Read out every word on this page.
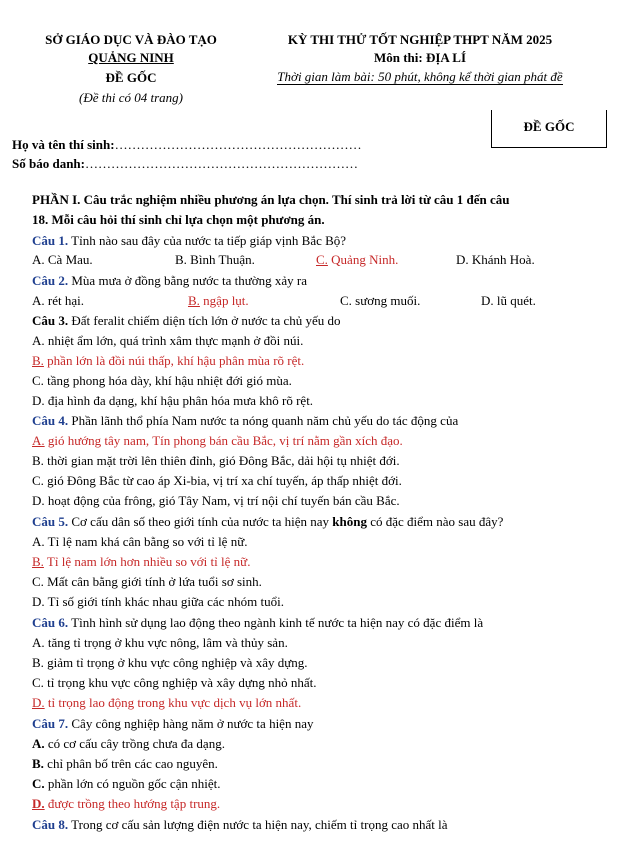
SỞ GIÁO DỤC VÀ ĐÀO TẠO
QUẢNG NINH
ĐỀ GỐC
(Đề thi có 04 trang)
KỲ THI THỬ TỐT NGHIỆP THPT NĂM 2025
Môn thi: ĐỊA LÍ
Thời gian làm bài: 50 phút, không kể thời gian phát đề
Họ và tên thí sinh:…………………………………………………
Số báo danh:………………………………………………………
ĐỀ GỐC
PHẦN I. Câu trắc nghiệm nhiều phương án lựa chọn. Thí sinh trả lời từ câu 1 đến câu
18. Mỗi câu hỏi thí sinh chỉ lựa chọn một phương án.
Câu 1. Tỉnh nào sau đây của nước ta tiếp giáp vịnh Bắc Bộ?
A. Cà Mau.	B. Bình Thuận.	C. Quảng Ninh.	D. Khánh Hoà.
Câu 2. Mùa mưa ở đồng bằng nước ta thường xảy ra
A. rét hại.	B. ngập lụt.	C. sương muối.	D. lũ quét.
Câu 3. Đất feralit chiếm diện tích lớn ở nước ta chủ yếu do
A. nhiệt ẩm lớn, quá trình xâm thực mạnh ở đồi núi.
B. phần lớn là đồi núi thấp, khí hậu phân mùa rõ rệt.
C. tầng phong hóa dày, khí hậu nhiệt đới gió mùa.
D. địa hình đa dạng, khí hậu phân hóa mưa khô rõ rệt.
Câu 4. Phần lãnh thổ phía Nam nước ta nóng quanh năm chủ yếu do tác động của
A. gió hướng tây nam, Tín phong bán cầu Bắc, vị trí nằm gần xích đạo.
B. thời gian mặt trời lên thiên đỉnh, gió Đông Bắc, dải hội tụ nhiệt đới.
C. gió Đông Bắc từ cao áp Xi-bia, vị trí xa chí tuyến, áp thấp nhiệt đới.
D. hoạt động của frông, gió Tây Nam, vị trí nội chí tuyến bán cầu Bắc.
Câu 5. Cơ cấu dân số theo giới tính của nước ta hiện nay không có đặc điểm nào sau đây?
A. Tỉ lệ nam khá cân bằng so với tỉ lệ nữ.
B. Tỉ lệ nam lớn hơn nhiều so với tỉ lệ nữ.
C. Mất cân bằng giới tính ở lứa tuổi sơ sinh.
D. Tỉ số giới tính khác nhau giữa các nhóm tuổi.
Câu 6. Tình hình sử dụng lao động theo ngành kinh tế nước ta hiện nay có đặc điểm là
A. tăng tỉ trọng ở khu vực nông, lâm và thủy sản.
B. giảm tỉ trọng ở khu vực công nghiệp và xây dựng.
C. tỉ trọng khu vực công nghiệp và xây dựng nhỏ nhất.
D. tỉ trọng lao động trong khu vực dịch vụ lớn nhất.
Câu 7. Cây công nghiệp hàng năm ở nước ta hiện nay
A. có cơ cấu cây trồng chưa đa dạng.
B. chỉ phân bố trên các cao nguyên.
C. phần lớn có nguồn gốc cận nhiệt.
D. được trồng theo hướng tập trung.
Câu 8. Trong cơ cấu sản lượng điện nước ta hiện nay, chiếm tỉ trọng cao nhất là
